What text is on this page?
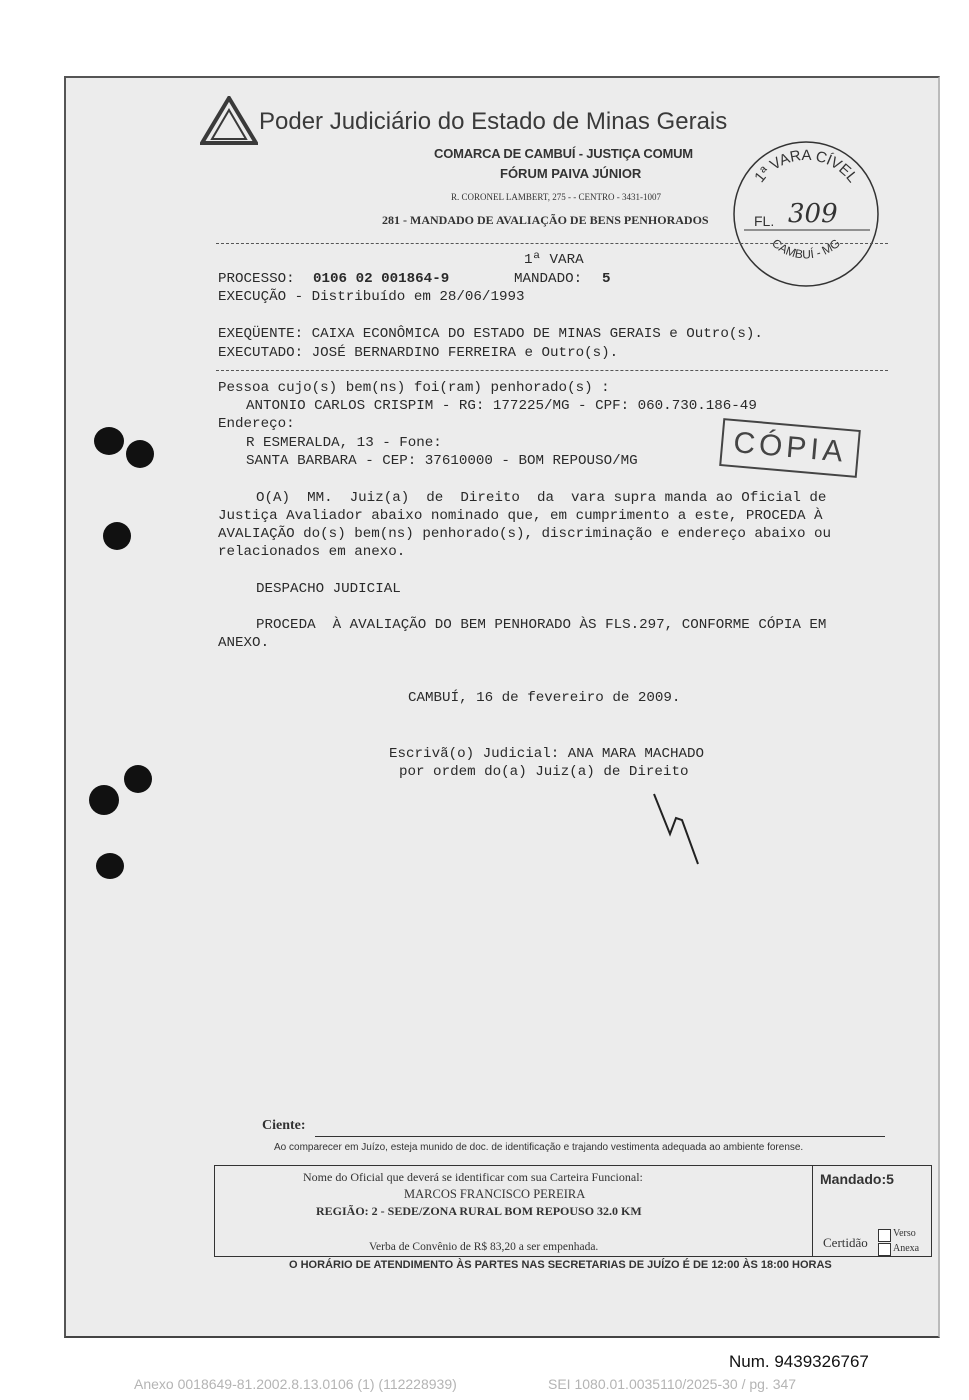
Poder Judiciário do Estado de Minas Gerais
COMARCA DE CAMBUÍ - JUSTIÇA COMUM
FÓRUM PAIVA JÚNIOR
R. CORONEL LAMBERT, 275 - - CENTRO - 3431-1007
281 - MANDADO DE AVALIAÇÃO DE BENS PENHORADOS
1ª VARA CÍVEL
CAMBUÍ - MG
FL. 309
1ª VARA
PROCESSO: 0106 02 001864-9	MANDADO: 5
EXECUÇÃO - Distribuído em 28/06/1993
EXEQÜENTE: CAIXA ECONÔMICA DO ESTADO DE MINAS GERAIS e Outro(s).
EXECUTADO: JOSÉ BERNARDINO FERREIRA e Outro(s).
Pessoa cujo(s) bem(ns) foi(ram) penhorado(s) :
ANTONIO CARLOS CRISPIM - RG: 177225/MG - CPF: 060.730.186-49
Endereço:
R ESMERALDA, 13 - Fone:
SANTA BARBARA - CEP: 37610000 - BOM REPOUSO/MG	CÓPIA
O(A)  MM.  Juiz(a)  de  Direito  da  vara supra manda ao Oficial de
Justiça Avaliador abaixo nominado que, em cumprimento a este, PROCEDA À
AVALIAÇÃO do(s) bem(ns) penhorado(s), discriminação e endereço abaixo ou
relacionados em anexo.
DESPACHO JUDICIAL
PROCEDA  À AVALIAÇÃO DO BEM PENHORADO ÀS FLS.297, CONFORME CÓPIA EM
ANEXO.
CAMBUÍ, 16 de fevereiro de 2009.
Escrivã(o) Judicial: ANA MARA MACHADO
por ordem do(a) Juiz(a) de Direito
Ciente:
Ao comparecer em Juízo, esteja munido de doc. de identificação e trajando vestimenta adequada ao ambiente forense.
Nome do Oficial que deverá se identificar com sua Carteira Funcional:
MARCOS FRANCISCO PEREIRA
REGIÃO: 2 - SEDE/ZONA RURAL BOM REPOUSO 32.0 KM
Verba de Convênio de R$ 83,20 a ser empenhada.
Mandado:5
Certidão
Verso
Anexa
O HORÁRIO DE ATENDIMENTO ÀS PARTES NAS SECRETARIAS DE JUÍZO É DE 12:00 ÀS 18:00 HORAS
Num. 9439326767
Anexo 0018649-81.2002.8.13.0106 (1) (112228939)	SEI 1080.01.0035110/2025-30 / pg. 347
